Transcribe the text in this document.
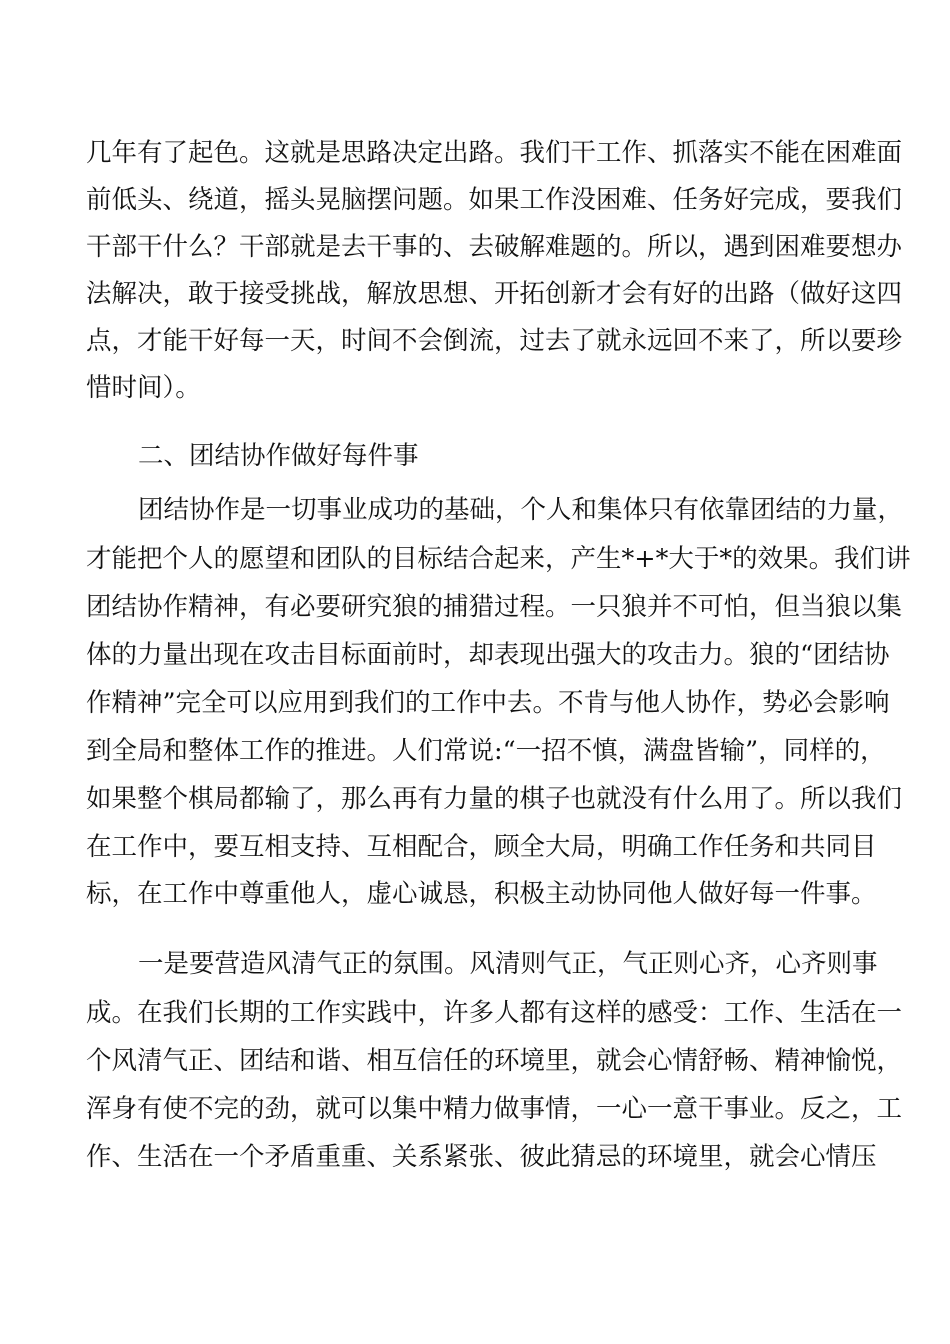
几年有了起色。这就是思路决定出路。我们干工作、抓落实不能在困难面
前低头、绕道，摇头晃脑摆问题。如果工作没困难、任务好完成，要我们
干部干什么？干部就是去干事的、去破解难题的。所以，遇到困难要想办
法解决，敢于接受挑战，解放思想、开拓创新才会有好的出路（做好这四
点，才能干好每一天，时间不会倒流，过去了就永远回不来了，所以要珍
惜时间）。
二、团结协作做好每件事
团结协作是一切事业成功的基础，个人和集体只有依靠团结的力量，
才能把个人的愿望和团队的目标结合起来，产生*+*大于*的效果。我们讲
团结协作精神，有必要研究狼的捕猎过程。一只狼并不可怕，但当狼以集
体的力量出现在攻击目标面前时，却表现出强大的攻击力。狼的“团结协
作精神”完全可以应用到我们的工作中去。不肯与他人协作，势必会影响
到全局和整体工作的推进。人们常说:“一招不慎，满盘皆输”，同样的，
如果整个棋局都输了，那么再有力量的棋子也就没有什么用了。所以我们
在工作中，要互相支持、互相配合，顾全大局，明确工作任务和共同目
标，在工作中尊重他人，虚心诚恳，积极主动协同他人做好每一件事。
一是要营造风清气正的氛围。风清则气正，气正则心齐，心齐则事
成。在我们长期的工作实践中，许多人都有这样的感受：工作、生活在一
个风清气正、团结和谐、相互信任的环境里，就会心情舒畅、精神愉悦，
浑身有使不完的劲，就可以集中精力做事情，一心一意干事业。反之，工
作、生活在一个矛盾重重、关系紧张、彼此猜忌的环境里，就会心情压
